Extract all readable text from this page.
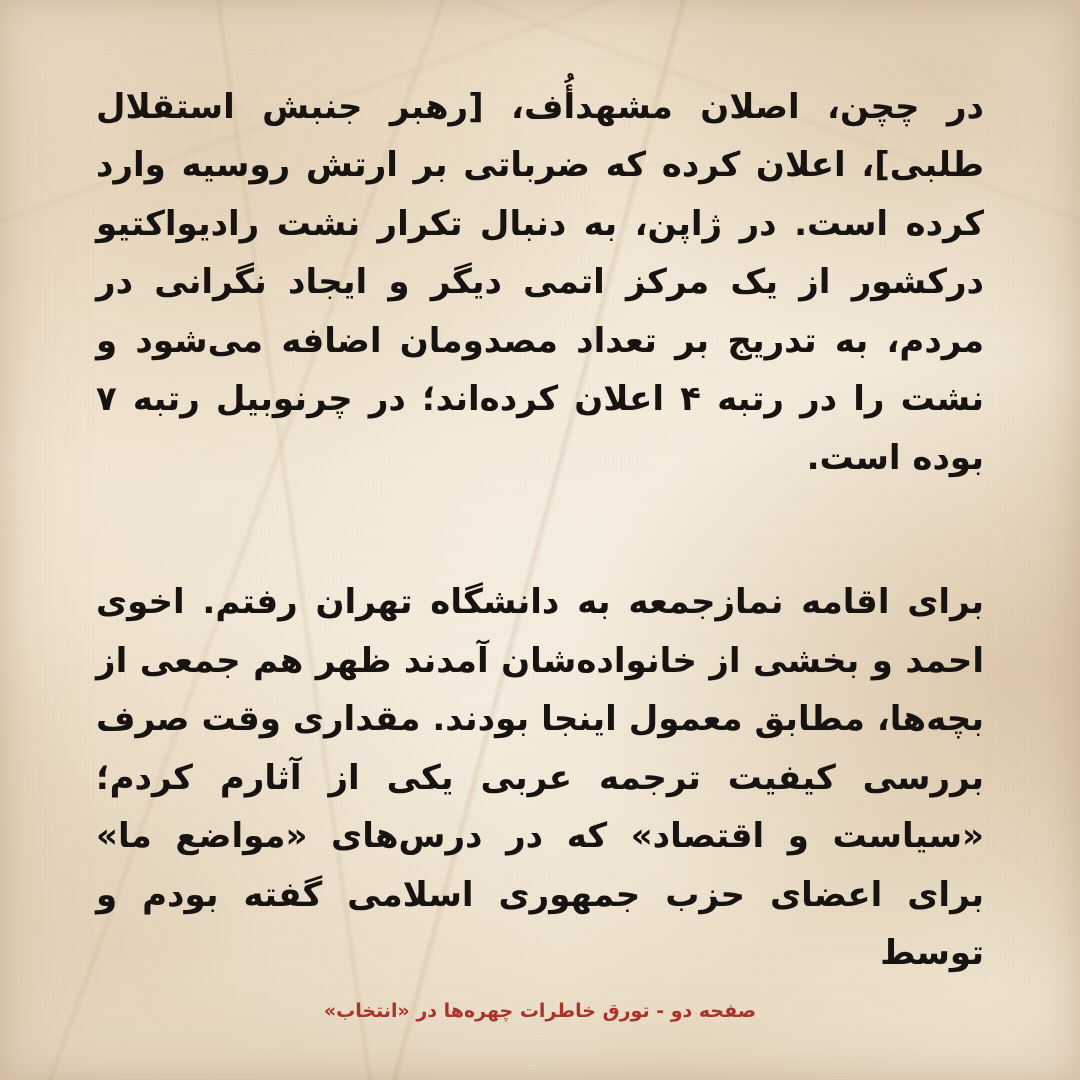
در چچن، اصلان مشهدأُف، [رهبر جنبش استقلال طلبی]، اعلان کرده که ضرباتی بر ارتش روسیه وارد کرده است. در ژاپن، به دنبال تکرار نشت رادیواکتیو درکشور از یک مرکز اتمی دیگر و ایجاد نگرانی در مردم، به تدریج بر تعداد مصدومان اضافه می‌شود و نشت را در رتبه ۴ اعلان کرده‌اند؛ در چرنوبیل رتبه ۷ بوده است.

برای اقامه نمازجمعه به دانشگاه تهران رفتم. اخوی احمد و بخشی از خانواده‌شان آمدند ظهر هم جمعی از بچه‌ها، مطابق معمول اینجا بودند. مقداری وقت صرف بررسی کیفیت ترجمه عربی یکی از آثارم کردم؛ «سیاست و اقتصاد» که در درس‌های «مواضع ما» برای اعضای حزب جمهوری اسلامی گفته بودم و توسط

صفحه دو - تورق خاطرات چهره‌ها در «انتخاب»
